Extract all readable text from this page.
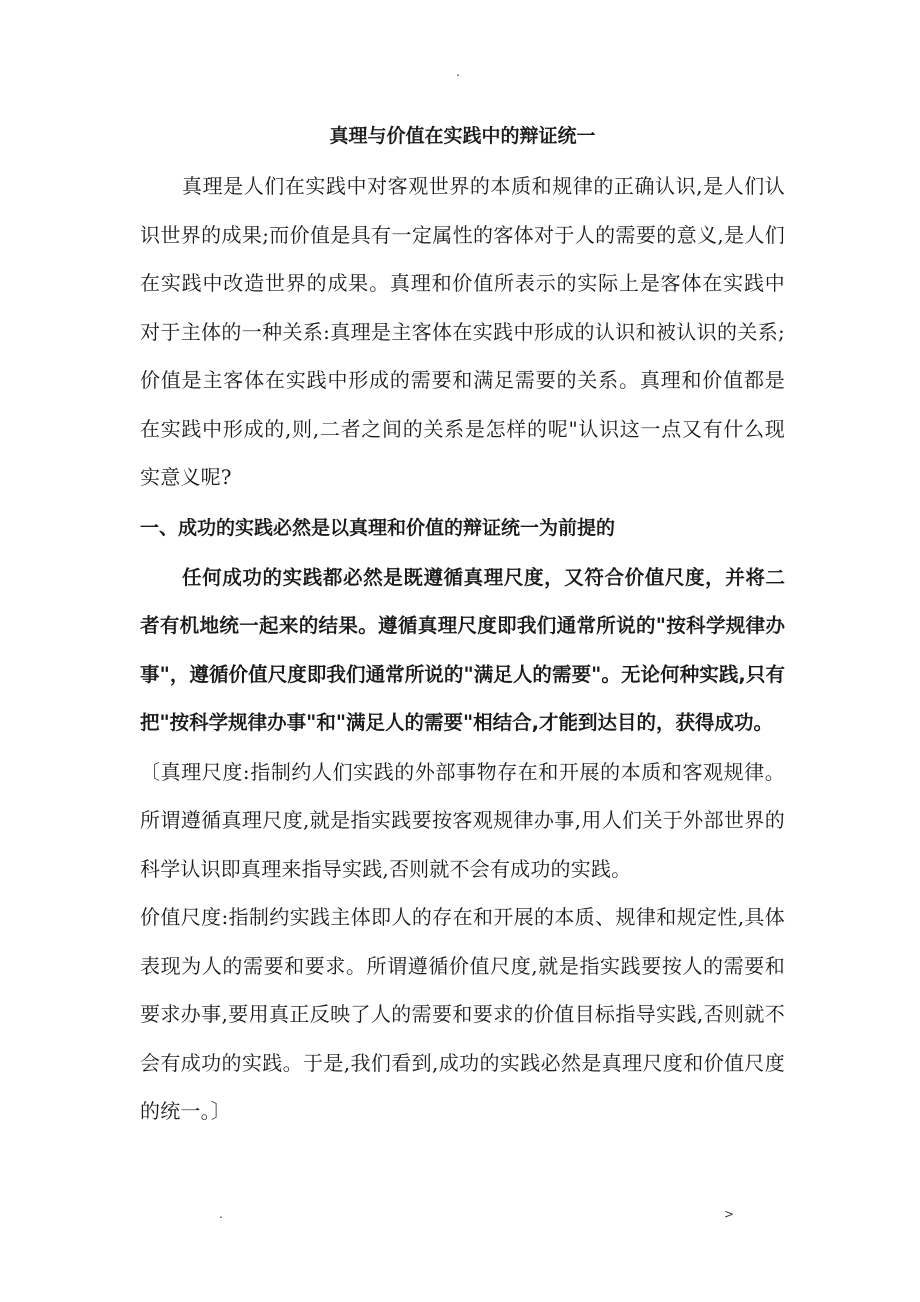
.
真理与价值在实践中的辩证统一

真理是人们在实践中对客观世界的本质和规律的正确认识,是人们认识世界的成果;而价值是具有一定属性的客体对于人的需要的意义,是人们在实践中改造世界的成果。真理和价值所表示的实际上是客体在实践中对于主体的一种关系:真理是主客体在实践中形成的认识和被认识的关系;价值是主客体在实践中形成的需要和满足需要的关系。真理和价值都是在实践中形成的,则,二者之间的关系是怎样的呢"认识这一点又有什么现实意义呢?

一、成功的实践必然是以真理和价值的辩证统一为前提的

任何成功的实践都必然是既遵循真理尺度，又符合价值尺度，并将二者有机地统一起来的结果。遵循真理尺度即我们通常所说的"按科学规律办事"，遵循价值尺度即我们通常所说的"满足人的需要"。无论何种实践,只有把"按科学规律办事"和"满足人的需要"相结合,才能到达目的，获得成功。

〔真理尺度:指制约人们实践的外部事物存在和开展的本质和客观规律。所谓遵循真理尺度,就是指实践要按客观规律办事,用人们关于外部世界的科学认识即真理来指导实践,否则就不会有成功的实践。

价值尺度:指制约实践主体即人的存在和开展的本质、规律和规定性,具体表现为人的需要和要求。所谓遵循价值尺度,就是指实践要按人的需要和要求办事,要用真正反映了人的需要和要求的价值目标指导实践,否则就不会有成功的实践。于是,我们看到,成功的实践必然是真理尺度和价值尺度的统一。〕

.	>
